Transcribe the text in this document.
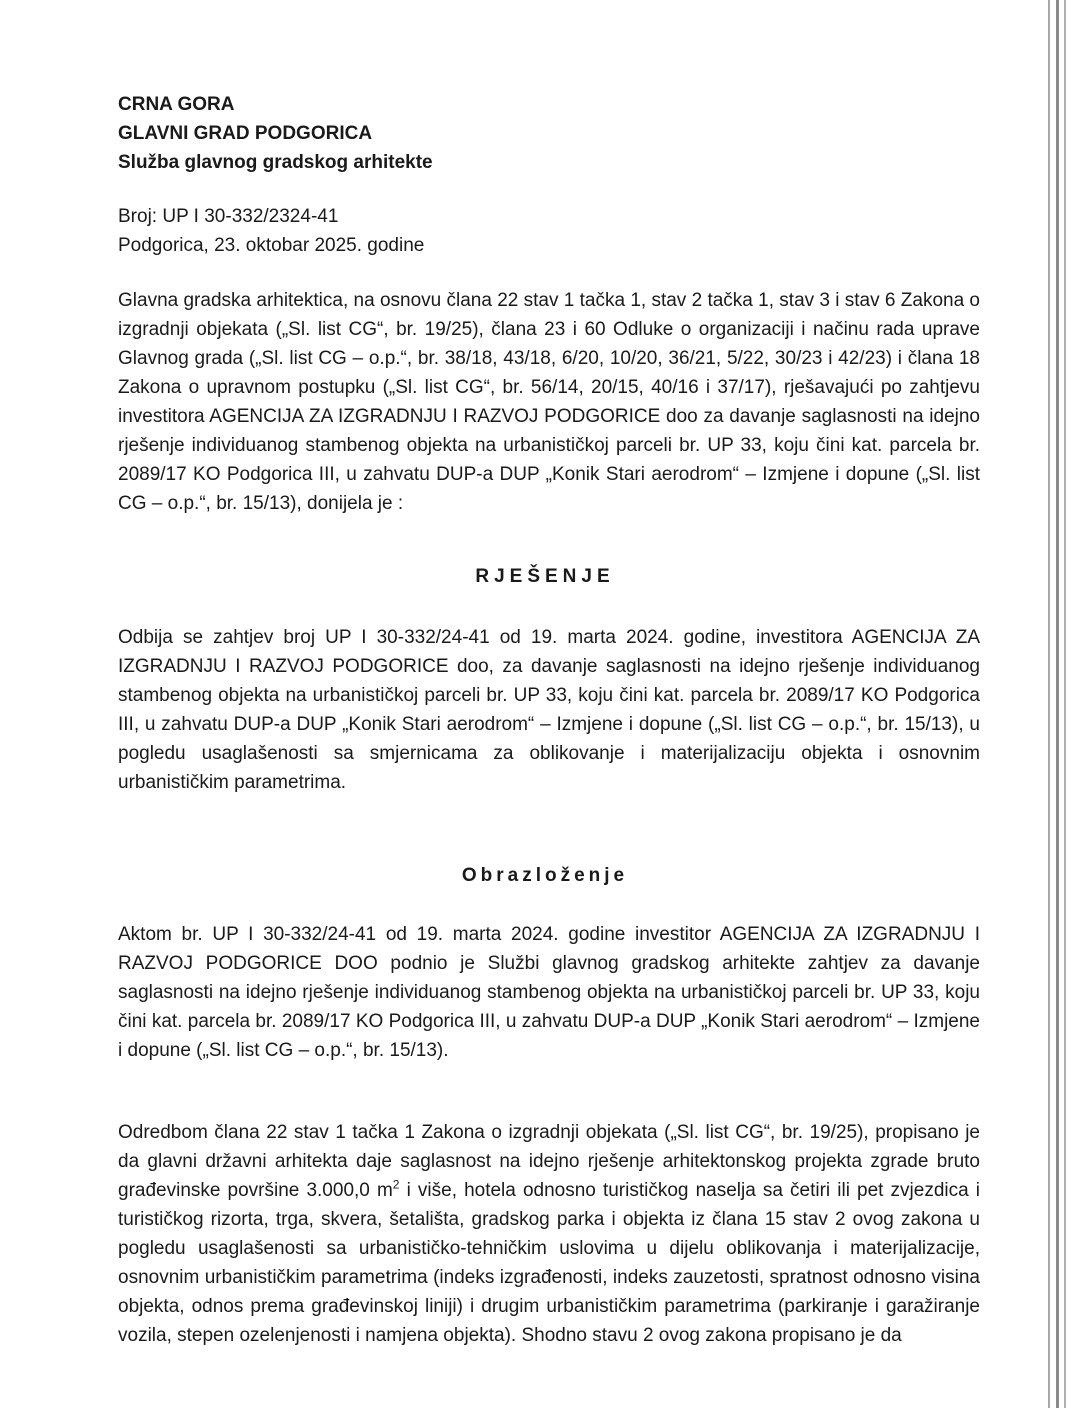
CRNA GORA
GLAVNI GRAD PODGORICA
Služba glavnog gradskog arhitekte
Broj: UP I 30-332/2324-41
Podgorica, 23. oktobar 2025. godine

Glavna gradska arhitektica, na osnovu člana 22 stav 1 tačka 1, stav 2 tačka 1, stav 3 i stav 6 Zakona o izgradnji objekata („Sl. list CG“, br. 19/25), člana 23 i 60 Odluke o organizaciji i načinu rada uprave Glavnog grada („Sl. list CG – o.p.“, br. 38/18, 43/18, 6/20, 10/20, 36/21, 5/22, 30/23 i 42/23) i člana 18 Zakona o upravnom postupku („Sl. list CG“, br. 56/14, 20/15, 40/16 i 37/17), rješavajući po zahtjevu investitora AGENCIJA ZA IZGRADNJU I RAZVOJ PODGORICE doo za davanje saglasnosti na idejno rješenje individuanog stambenog objekta na urbanističkoj parceli br. UP 33, koju čini kat. parcela br. 2089/17 KO Podgorica III, u zahvatu DUP-a DUP „Konik Stari aerodrom“ – Izmjene i dopune („Sl. list CG – o.p.“, br. 15/13), donijela je :

RJEŠENJE

Odbija se zahtjev broj UP I 30-332/24-41 od 19. marta 2024. godine, investitora AGENCIJA ZA IZGRADNJU I RAZVOJ PODGORICE doo, za davanje saglasnosti na idejno rješenje individuanog stambenog objekta na urbanističkoj parceli br. UP 33, koju čini kat. parcela br. 2089/17 KO Podgorica III, u zahvatu DUP-a DUP „Konik Stari aerodrom“ – Izmjene i dopune („Sl. list CG – o.p.“, br. 15/13), u pogledu usaglašenosti sa smjernicama za oblikovanje i materijalizaciju objekta i osnovnim urbanističkim parametrima.

Obrazloženje

Aktom br. UP I 30-332/24-41 od 19. marta 2024. godine investitor AGENCIJA ZA IZGRADNJU I RAZVOJ PODGORICE DOO podnio je Službi glavnog gradskog arhitekte zahtjev za davanje saglasnosti na idejno rješenje individuanog stambenog objekta na urbanističkoj parceli br. UP 33, koju čini kat. parcela br. 2089/17 KO Podgorica III, u zahvatu DUP-a DUP „Konik Stari aerodrom“ – Izmjene i dopune („Sl. list CG – o.p.“, br. 15/13).

Odredbom člana 22 stav 1 tačka 1 Zakona o izgradnji objekata („Sl. list CG“, br. 19/25), propisano je da glavni državni arhitekta daje saglasnost na idejno rješenje arhitektonskog projekta zgrade bruto građevinske površine 3.000,0 $m^2$ i više, hotela odnosno turističkog naselja sa četiri ili pet zvjezdica i turističkog rizorta, trga, skvera, šetališta, gradskog parka i objekta iz člana 15 stav 2 ovog zakona u pogledu usaglašenosti sa urbanističko-tehničkim uslovima u dijelu oblikovanja i materijalizacije, osnovnim urbanističkim parametrima (indeks izgrađenosti, indeks zauzetosti, spratnost odnosno visina objekta, odnos prema građevinskoj liniji) i drugim urbanističkim parametrima (parkiranje i garažiranje vozila, stepen ozelenjenosti i namjena objekta). Shodno stavu 2 ovog zakona propisano je da
